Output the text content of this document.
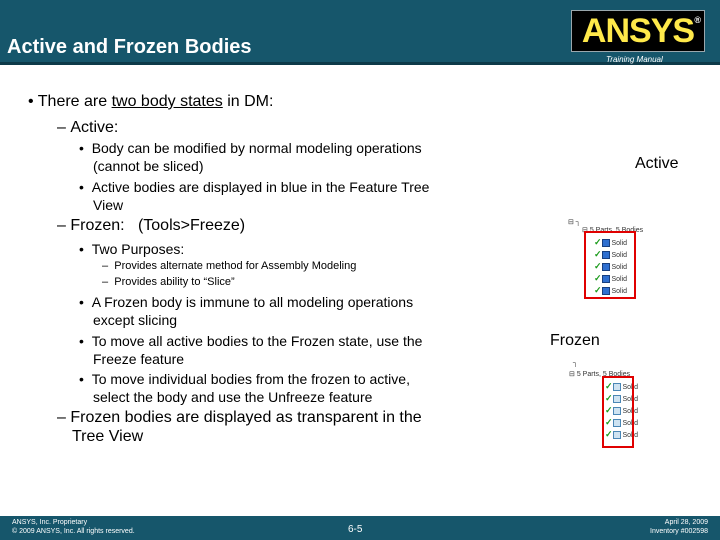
Active and Frozen Bodies	ANSYS ®
Training Manual
• There are two body states in DM:
– Active:
•  Body can be modified by normal modeling operations
(cannot be sliced)
•  Active bodies are displayed in blue in the Feature Tree
View
– Frozen: (Tools>Freeze)
•  Two Purposes:
–  Provides alternate method for Assembly Modeling
–  Provides ability to “Slice”
•  A Frozen body is immune to all modeling operations
except slicing
•  To move all active bodies to the Frozen state, use the
Freeze feature
•  To move individual bodies from the frozen to active,
select the body and use the Unfreeze feature
– Frozen bodies are displayed as transparent in the
Tree View
Active
⊟ ┐
⊟ 5 Parts, 5 Bodies
✓ Solid
✓ Solid
✓ Solid
✓ Solid
✓ Solid
Frozen
┐
⊟ 5 Parts, 5 Bodies
✓ Solid
✓ Solid
✓ Solid
✓ Solid
✓ Solid
ANSYS, Inc. Proprietary
© 2009 ANSYS, Inc. All rights reserved.	6-5
April 28, 2009
Inventory #002598
